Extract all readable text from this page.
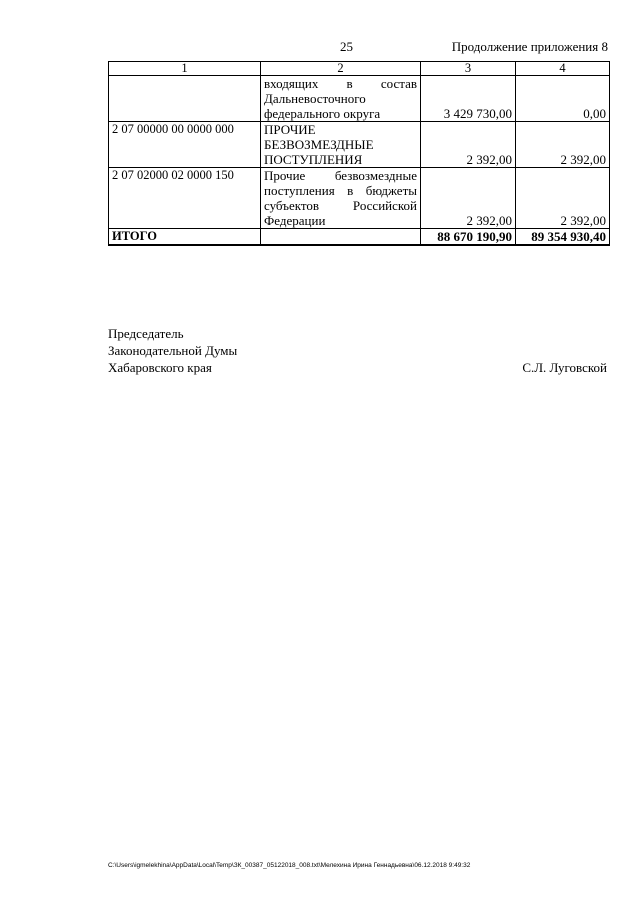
25	Продолжение приложения 8
1	2	3	4

	входящих в состав
Дальневосточного
федерального округа	3 429 730,00	0,00
2 07 00000 00 0000 000	ПРОЧИЕ
БЕЗВОЗМЕЗДНЫЕ
ПОСТУПЛЕНИЯ	2 392,00	2 392,00
2 07 02000 02 0000 150	Прочие безвозмездные
поступления в бюджеты
субъектов Российской
Федерации	2 392,00	2 392,00
ИТОГО		88 670 190,90	89 354 930,40
Председатель
Законодательной Думы
Хабаровского края	С.Л. Луговской
C:\Users\igmelekhina\AppData\Local\Temp\ЗК_00387_05122018_008.txt\Мелехина Ирина Геннадьевна\06.12.2018 9:49:32
